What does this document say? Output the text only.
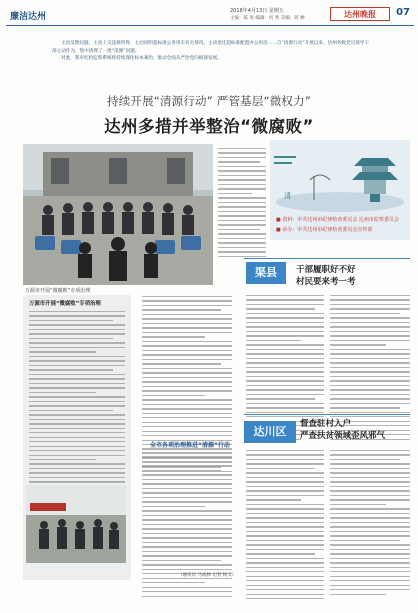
廉洁达州
2018年4月13日 星期五
主编：陈 瑶 编辑：何 秀 美编：蒋 翀	达州晚报	07

主动反馈问题，主动上交违规所得，主动说明超标准公务用车有关情况，主动退还超标准配置办公用房……自“清源行动”开展以来，达州各级党员领导干部主动作为，集中清理了一批“清源”问题。

对此，我市纪检监察系统将持续深化标本兼治，推动全面从严治党向纵深发展。

持续开展“清源行动” 严管基层“微权力”
达州多措并举整治“微腐败”
清
■ 资料：中共达州市纪律检查委员会 达州市监察委员会
■ 承办：中共达州市纪律检查委员会宣传部
万源市开展“微腐败”专项治理
全市各项治理推进“清源”行动
（通讯员 马成林 记者 杨义）
渠县	干部履职好不好
村民要来考一考
达川区
督查驻村入户
严查扶贫领域歪风邪气
万源市开展“微腐败”专项治理
